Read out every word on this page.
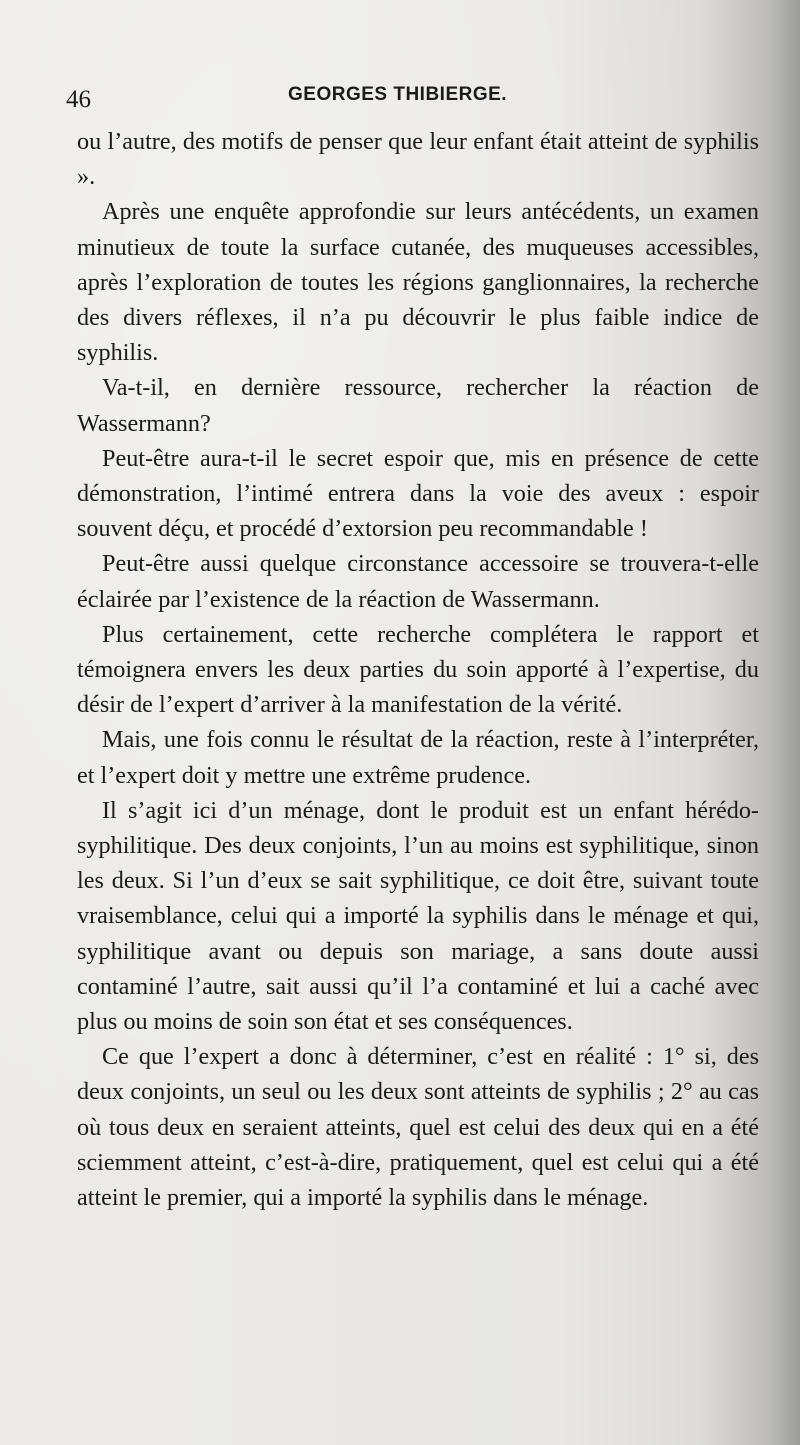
46	GEORGES THIBIERGE.

ou l’autre, des motifs de penser que leur enfant était atteint de syphilis ».

Après une enquête approfondie sur leurs antécédents, un examen minutieux de toute la surface cutanée, des muqueuses accessibles, après l’exploration de toutes les régions ganglionnaires, la recherche des divers réflexes, il n’a pu découvrir le plus faible indice de syphilis.

Va-t-il, en dernière ressource, rechercher la réaction de Wassermann?

Peut-être aura-t-il le secret espoir que, mis en présence de cette démonstration, l’intimé entrera dans la voie des aveux : espoir souvent déçu, et procédé d’extorsion peu recommandable !

Peut-être aussi quelque circonstance accessoire se trouvera-t-elle éclairée par l’existence de la réaction de Wassermann.

Plus certainement, cette recherche complétera le rapport et témoignera envers les deux parties du soin apporté à l’expertise, du désir de l’expert d’arriver à la manifestation de la vérité.

Mais, une fois connu le résultat de la réaction, reste à l’interpréter, et l’expert doit y mettre une extrême prudence.

Il s’agit ici d’un ménage, dont le produit est un enfant hérédo-syphilitique. Des deux conjoints, l’un au moins est syphilitique, sinon les deux. Si l’un d’eux se sait syphilitique, ce doit être, suivant toute vraisemblance, celui qui a importé la syphilis dans le ménage et qui, syphilitique avant ou depuis son mariage, a sans doute aussi contaminé l’autre, sait aussi qu’il l’a contaminé et lui a caché avec plus ou moins de soin son état et ses conséquences.

Ce que l’expert a donc à déterminer, c’est en réalité : 1° si, des deux conjoints, un seul ou les deux sont atteints de syphilis ; 2° au cas où tous deux en seraient atteints, quel est celui des deux qui en a été sciemment atteint, c’est-à-dire, pratiquement, quel est celui qui a été atteint le premier, qui a importé la syphilis dans le ménage.
